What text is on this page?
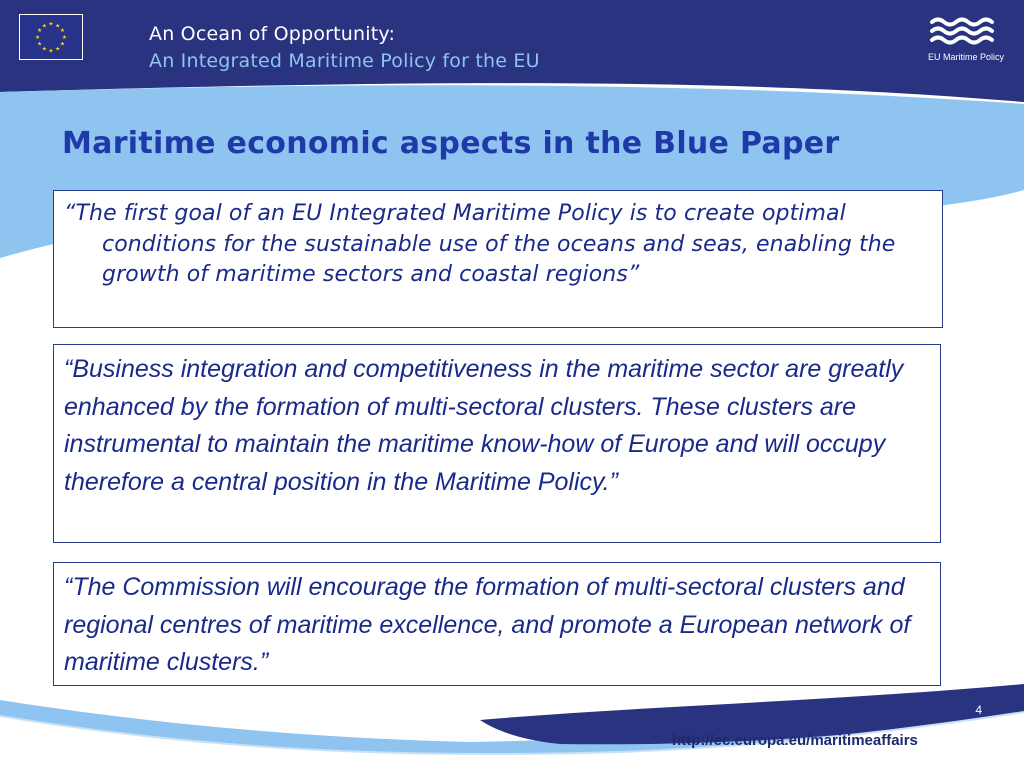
★ ★
★
★
★
★
★
★
★
★
★
★	An Ocean of Opportunity:
An Integrated Maritime Policy for the EU	EU Maritime Policy
Maritime economic aspects in the Blue Paper

“The first goal of an EU Integrated Maritime Policy is to create optimal conditions for the sustainable use of the oceans and seas, enabling the growth of maritime sectors and coastal regions”

“Business integration and competitiveness in the maritime sector are greatly enhanced by the formation of multi-sectoral clusters. These clusters are instrumental to maintain the maritime know-how of Europe and will occupy therefore a central position in the Maritime Policy.”

“The Commission will encourage the formation of multi-sectoral clusters and regional centres of maritime excellence, and promote a European network of maritime clusters.”

4
http://ec.europa.eu/maritimeaffairs
